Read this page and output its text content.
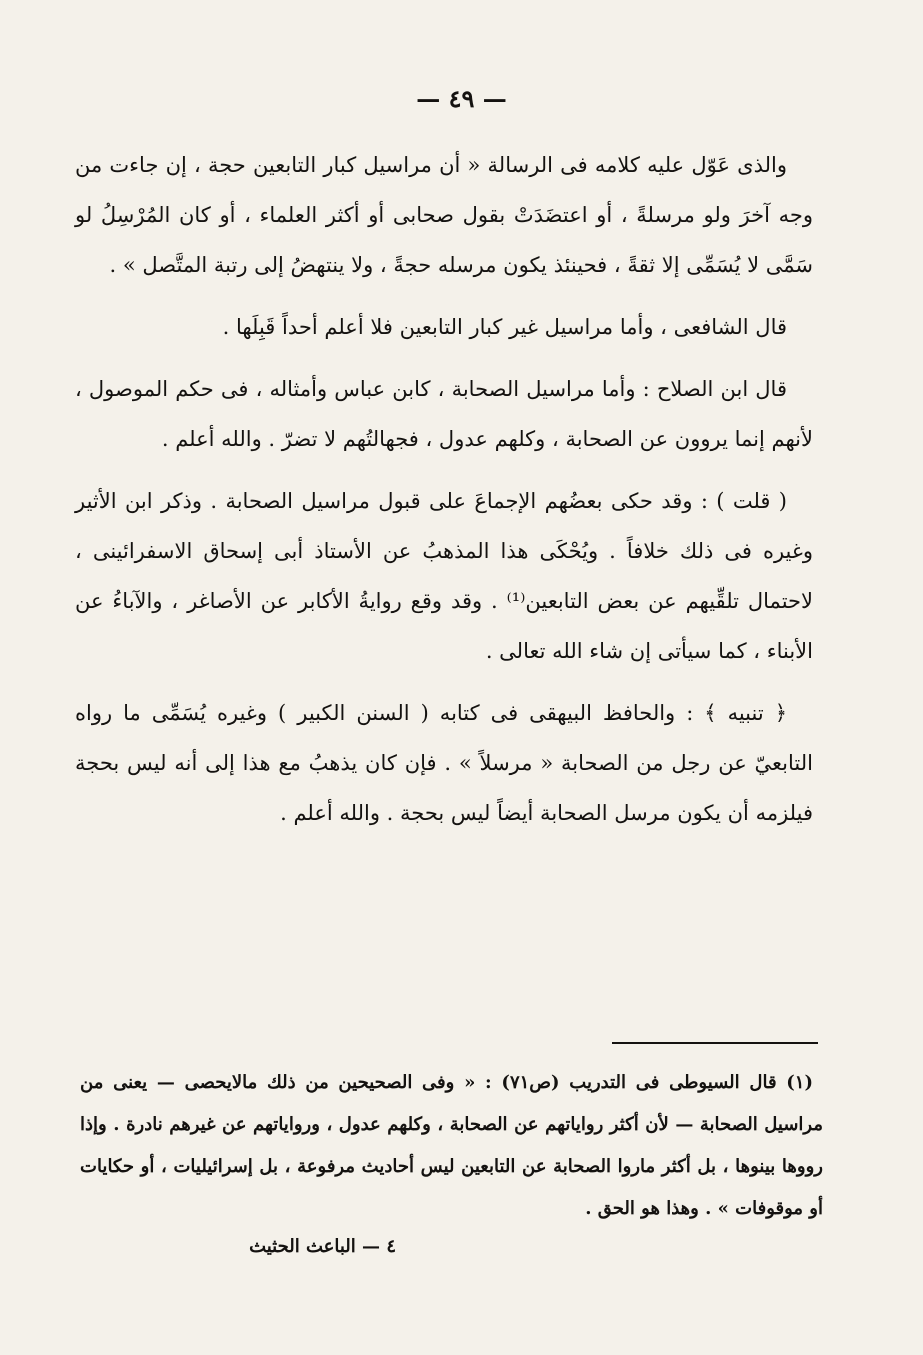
— ٤٩ —

والذى عَوّل عليه كلامه فى الرسالة « أن مراسيل كبار التابعين حجة ، إن جاءت من وجه آخرَ ولو مرسلةً ، أو اعتضَدَتْ بقول صحابى أو أكثر العلماء ، أو كان المُرْسِلُ لو سَمَّى لا يُسَمِّى إلا ثقةً ، فحينئذ يكون مرسله حجةً ، ولا ينتهضُ إلى رتبة المتَّصل » .

قال الشافعى ، وأما مراسيل غير كبار التابعين فلا أعلم أحداً قَبِلَها .

قال ابن الصلاح : وأما مراسيل الصحابة ، كابن عباس وأمثاله ، فى حكم الموصول ، لأنهم إنما يروون عن الصحابة ، وكلهم عدول ، فجهالتُهم لا تضرّ . والله أعلم .

( قلت ) : وقد حكى بعضُهم الإجماعَ على قبول مراسيل الصحابة . وذكر ابن الأثير وغيره فى ذلك خلافاً . ويُحْكَى هذا المذهبُ عن الأستاذ أبى إسحاق الاسفرائينى ، لاحتمال تلقِّيهم عن بعض التابعين⁽¹⁾ . وقد وقع روايةُ الأكابر عن الأصاغر ، والآباءُ عن الأبناء ، كما سيأتى إن شاء الله تعالى .

﴿ تنبيه ﴾ : والحافظ البيهقى فى كتابه ( السنن الكبير ) وغيره يُسَمِّى ما رواه التابعيّ عن رجل من الصحابة « مرسلاً » . فإن كان يذهبُ مع هذا إلى أنه ليس بحجة فيلزمه أن يكون مرسل الصحابة أيضاً ليس بحجة . والله أعلم .

(١) قال السيوطى فى التدريب (ص٧١) : « وفى الصحيحين من ذلك مالايحصى — يعنى من مراسيل الصحابة — لأن أكثر رواياتهم عن الصحابة ، وكلهم عدول ، ورواياتهم عن غيرهم نادرة . وإذا رووها بينوها ، بل أكثر ماروا الصحابة عن التابعين ليس أحاديث مرفوعة ، بل إسرائيليات ، أو حكايات أو موقوفات » . وهذا هو الحق .

٤ — الباعث الحثيث
